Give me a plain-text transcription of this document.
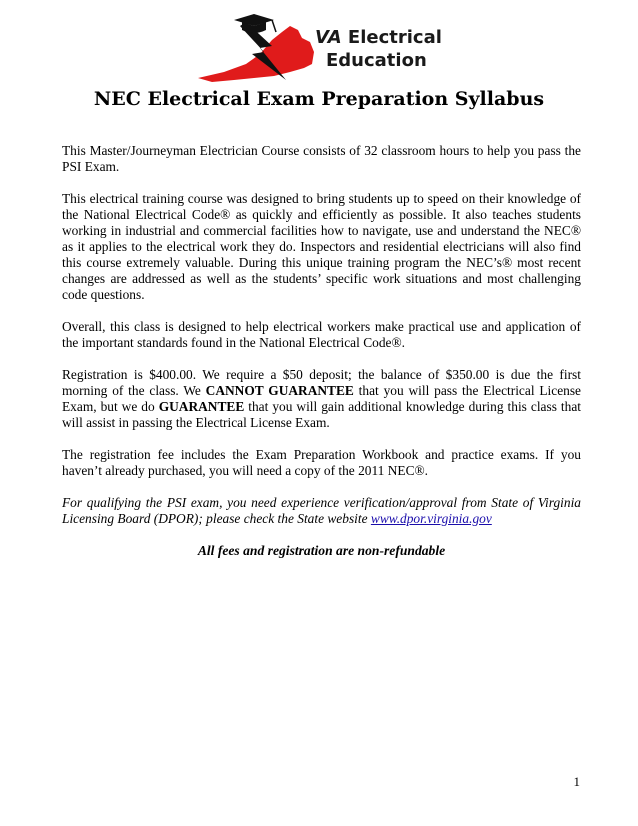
VA Electrical
Education
NEC Electrical Exam Preparation Syllabus

This Master/Journeyman Electrician Course consists of 32 classroom hours to help you pass the PSI Exam.

This electrical training course was designed to bring students up to speed on their knowledge of the National Electrical Code® as quickly and efficiently as possible. It also teaches students working in industrial and commercial facilities how to navigate, use and understand the NEC® as it applies to the electrical work they do. Inspectors and residential electricians will also find this course extremely valuable. During this unique training program the NEC’s® most recent changes are addressed as well as the students’ specific work situations and most challenging code questions.

Overall, this class is designed to help electrical workers make practical use and application of the important standards found in the National Electrical Code®.

Registration is $400.00. We require a $50 deposit; the balance of $350.00 is due the first morning of the class. We CANNOT GUARANTEE that you will pass the Electrical License Exam, but we do GUARANTEE that you will gain additional knowledge during this class that will assist in passing the Electrical License Exam.

The registration fee includes the Exam Preparation Workbook and practice exams. If you haven’t already purchased, you will need a copy of the 2011 NEC®.

For qualifying the PSI exam, you need experience verification/approval from State of Virginia Licensing Board (DPOR); please check the State website www.dpor.virginia.gov

All fees and registration are non-refundable

1
